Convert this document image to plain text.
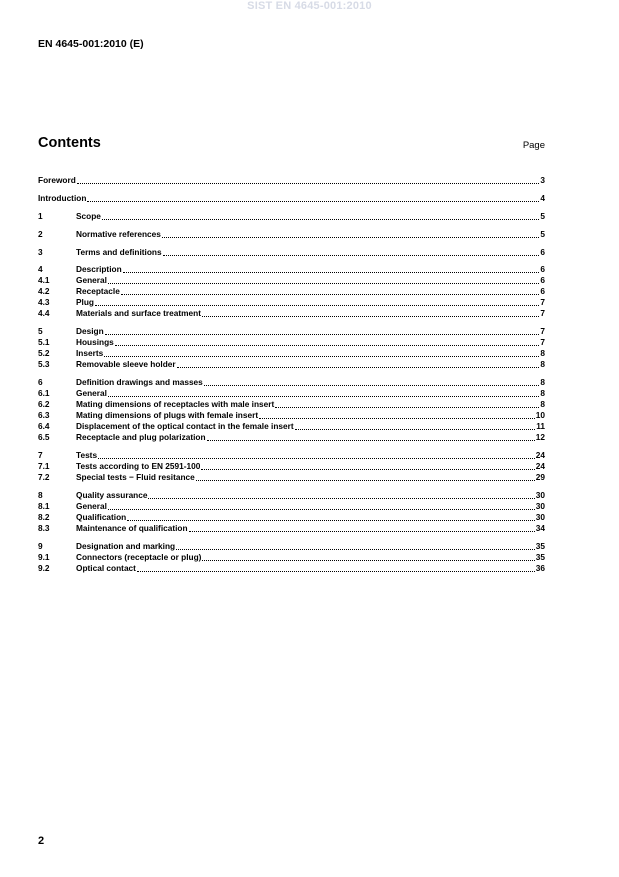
SIST EN 4645-001:2010
EN 4645-001:2010 (E)
Contents	Page
Foreword	3
Introduction	4
1	Scope	5
2	Normative references	5
3	Terms and definitions	6
4	Description	6
4.1	General	6
4.2	Receptacle	6
4.3	Plug	7
4.4	Materials and surface treatment	7
5	Design	7
5.1	Housings	7
5.2	Inserts	8
5.3	Removable sleeve holder	8
6	Definition drawings and masses	8
6.1	General	8
6.2	Mating dimensions of receptacles with male insert	8
6.3	Mating dimensions of plugs with female insert	10
6.4	Displacement of the optical contact in the female insert	11
6.5	Receptacle and plug polarization	12
7	Tests	24
7.1	Tests according to EN 2591-100	24
7.2	Special tests − Fluid resitance	29
8	Quality assurance	30
8.1	General	30
8.2	Qualification	30
8.3	Maintenance of qualification	34
9	Designation and marking	35
9.1	Connectors (receptacle or plug)	35
9.2	Optical contact	36
2
